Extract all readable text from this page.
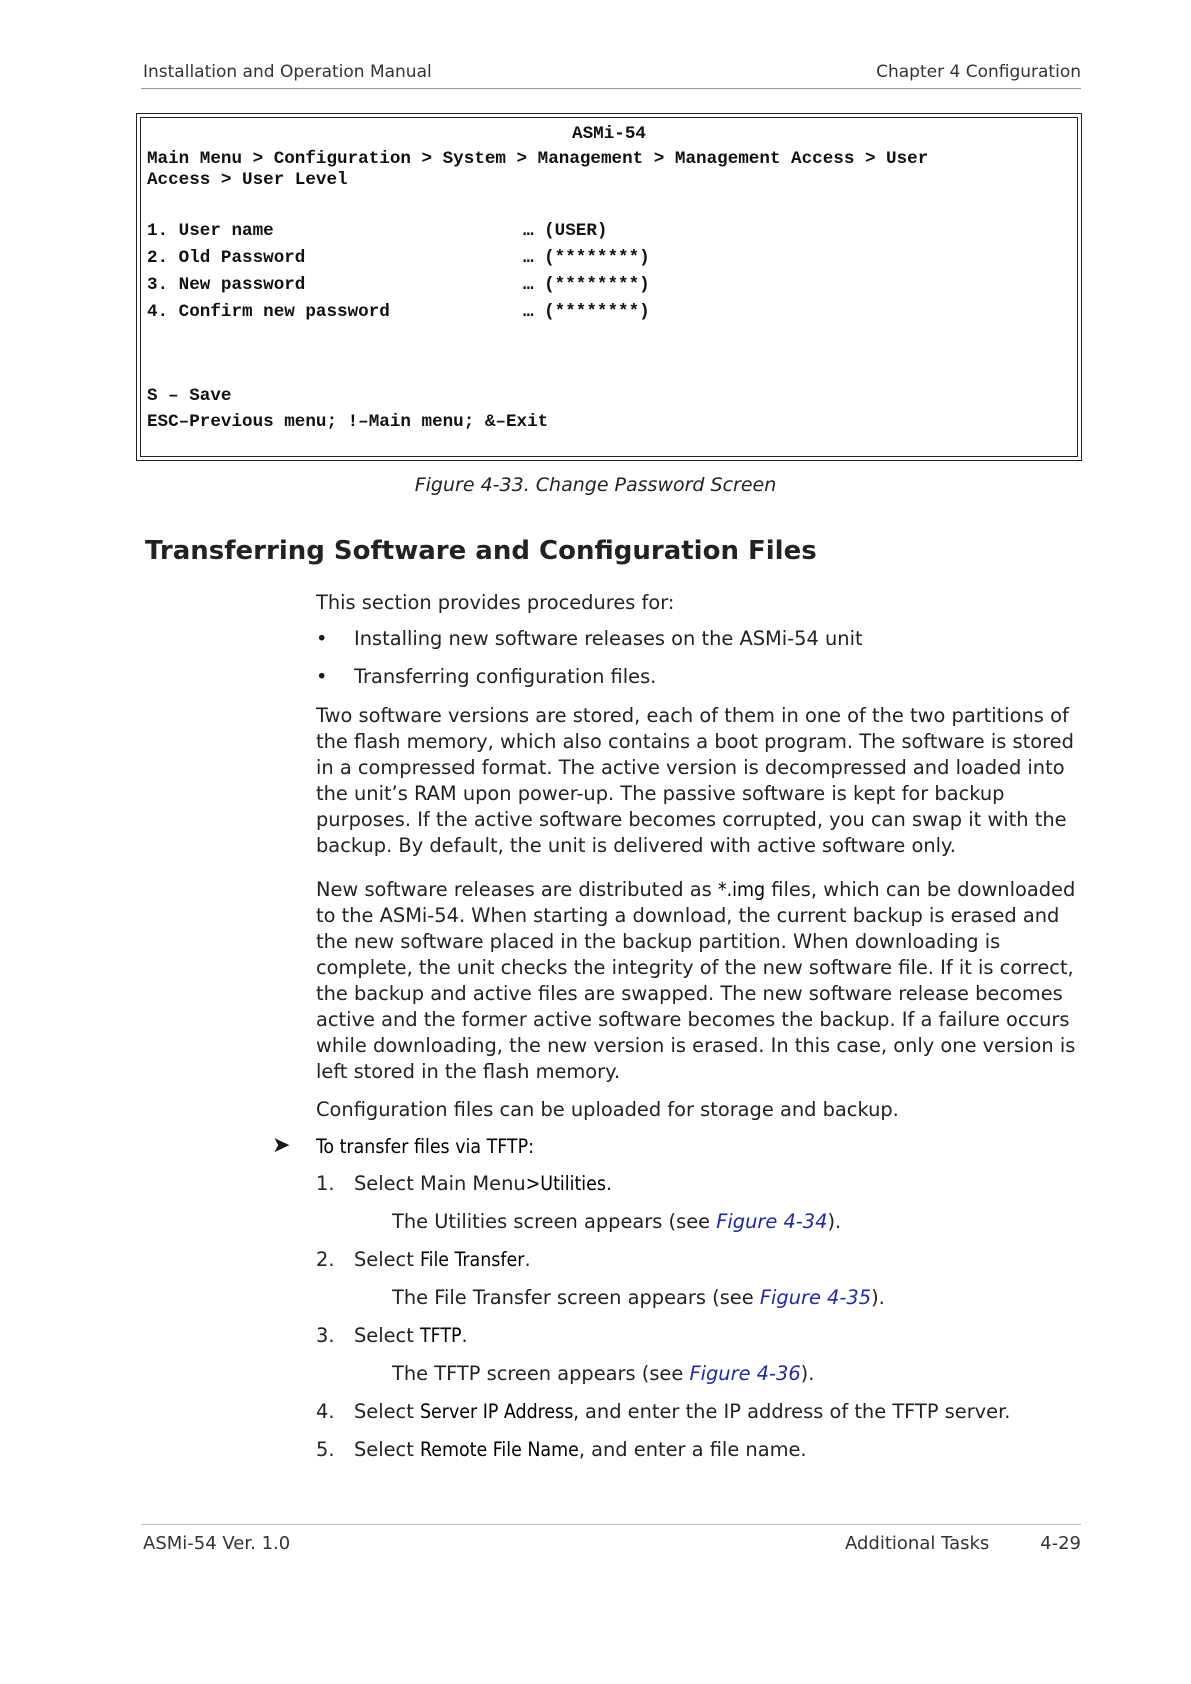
Installation and Operation Manual	Chapter 4 Configuration
ASMi-54
Main Menu > Configuration > System > Management > Management Access > User
Access > User Level
1. User name	… (USER)
2. Old Password	… (********)
3. New password	… (********)
4. Confirm new password	… (********)
S – Save
ESC–Previous menu; !–Main menu; &–Exit
Figure 4-33. Change Password Screen
Transferring Software and Configuration Files
This section provides procedures for:
• Installing new software releases on the ASMi-54 unit
• Transferring configuration files.
Two software versions are stored, each of them in one of the two partitions of the flash memory, which also contains a boot program. The software is stored in a compressed format. The active version is decompressed and loaded into the unit’s RAM upon power-up. The passive software is kept for backup purposes. If the active software becomes corrupted, you can swap it with the backup. By default, the unit is delivered with active software only.
New software releases are distributed as *.img files, which can be downloaded to the ASMi-54. When starting a download, the current backup is erased and the new software placed in the backup partition. When downloading is complete, the unit checks the integrity of the new software file. If it is correct, the backup and active files are swapped. The new software release becomes active and the former active software becomes the backup. If a failure occurs while downloading, the new version is erased. In this case, only one version is left stored in the flash memory.
Configuration files can be uploaded for storage and backup.
➤ To transfer files via TFTP:
1. Select Main Menu>Utilities.
The Utilities screen appears (see Figure 4-34).
2. Select File Transfer.
The File Transfer screen appears (see Figure 4-35).
3. Select TFTP.
The TFTP screen appears (see Figure 4-36).
4. Select Server IP Address, and enter the IP address of the TFTP server.
5. Select Remote File Name, and enter a file name.
ASMi-54 Ver. 1.0	Additional Tasks	4-29
